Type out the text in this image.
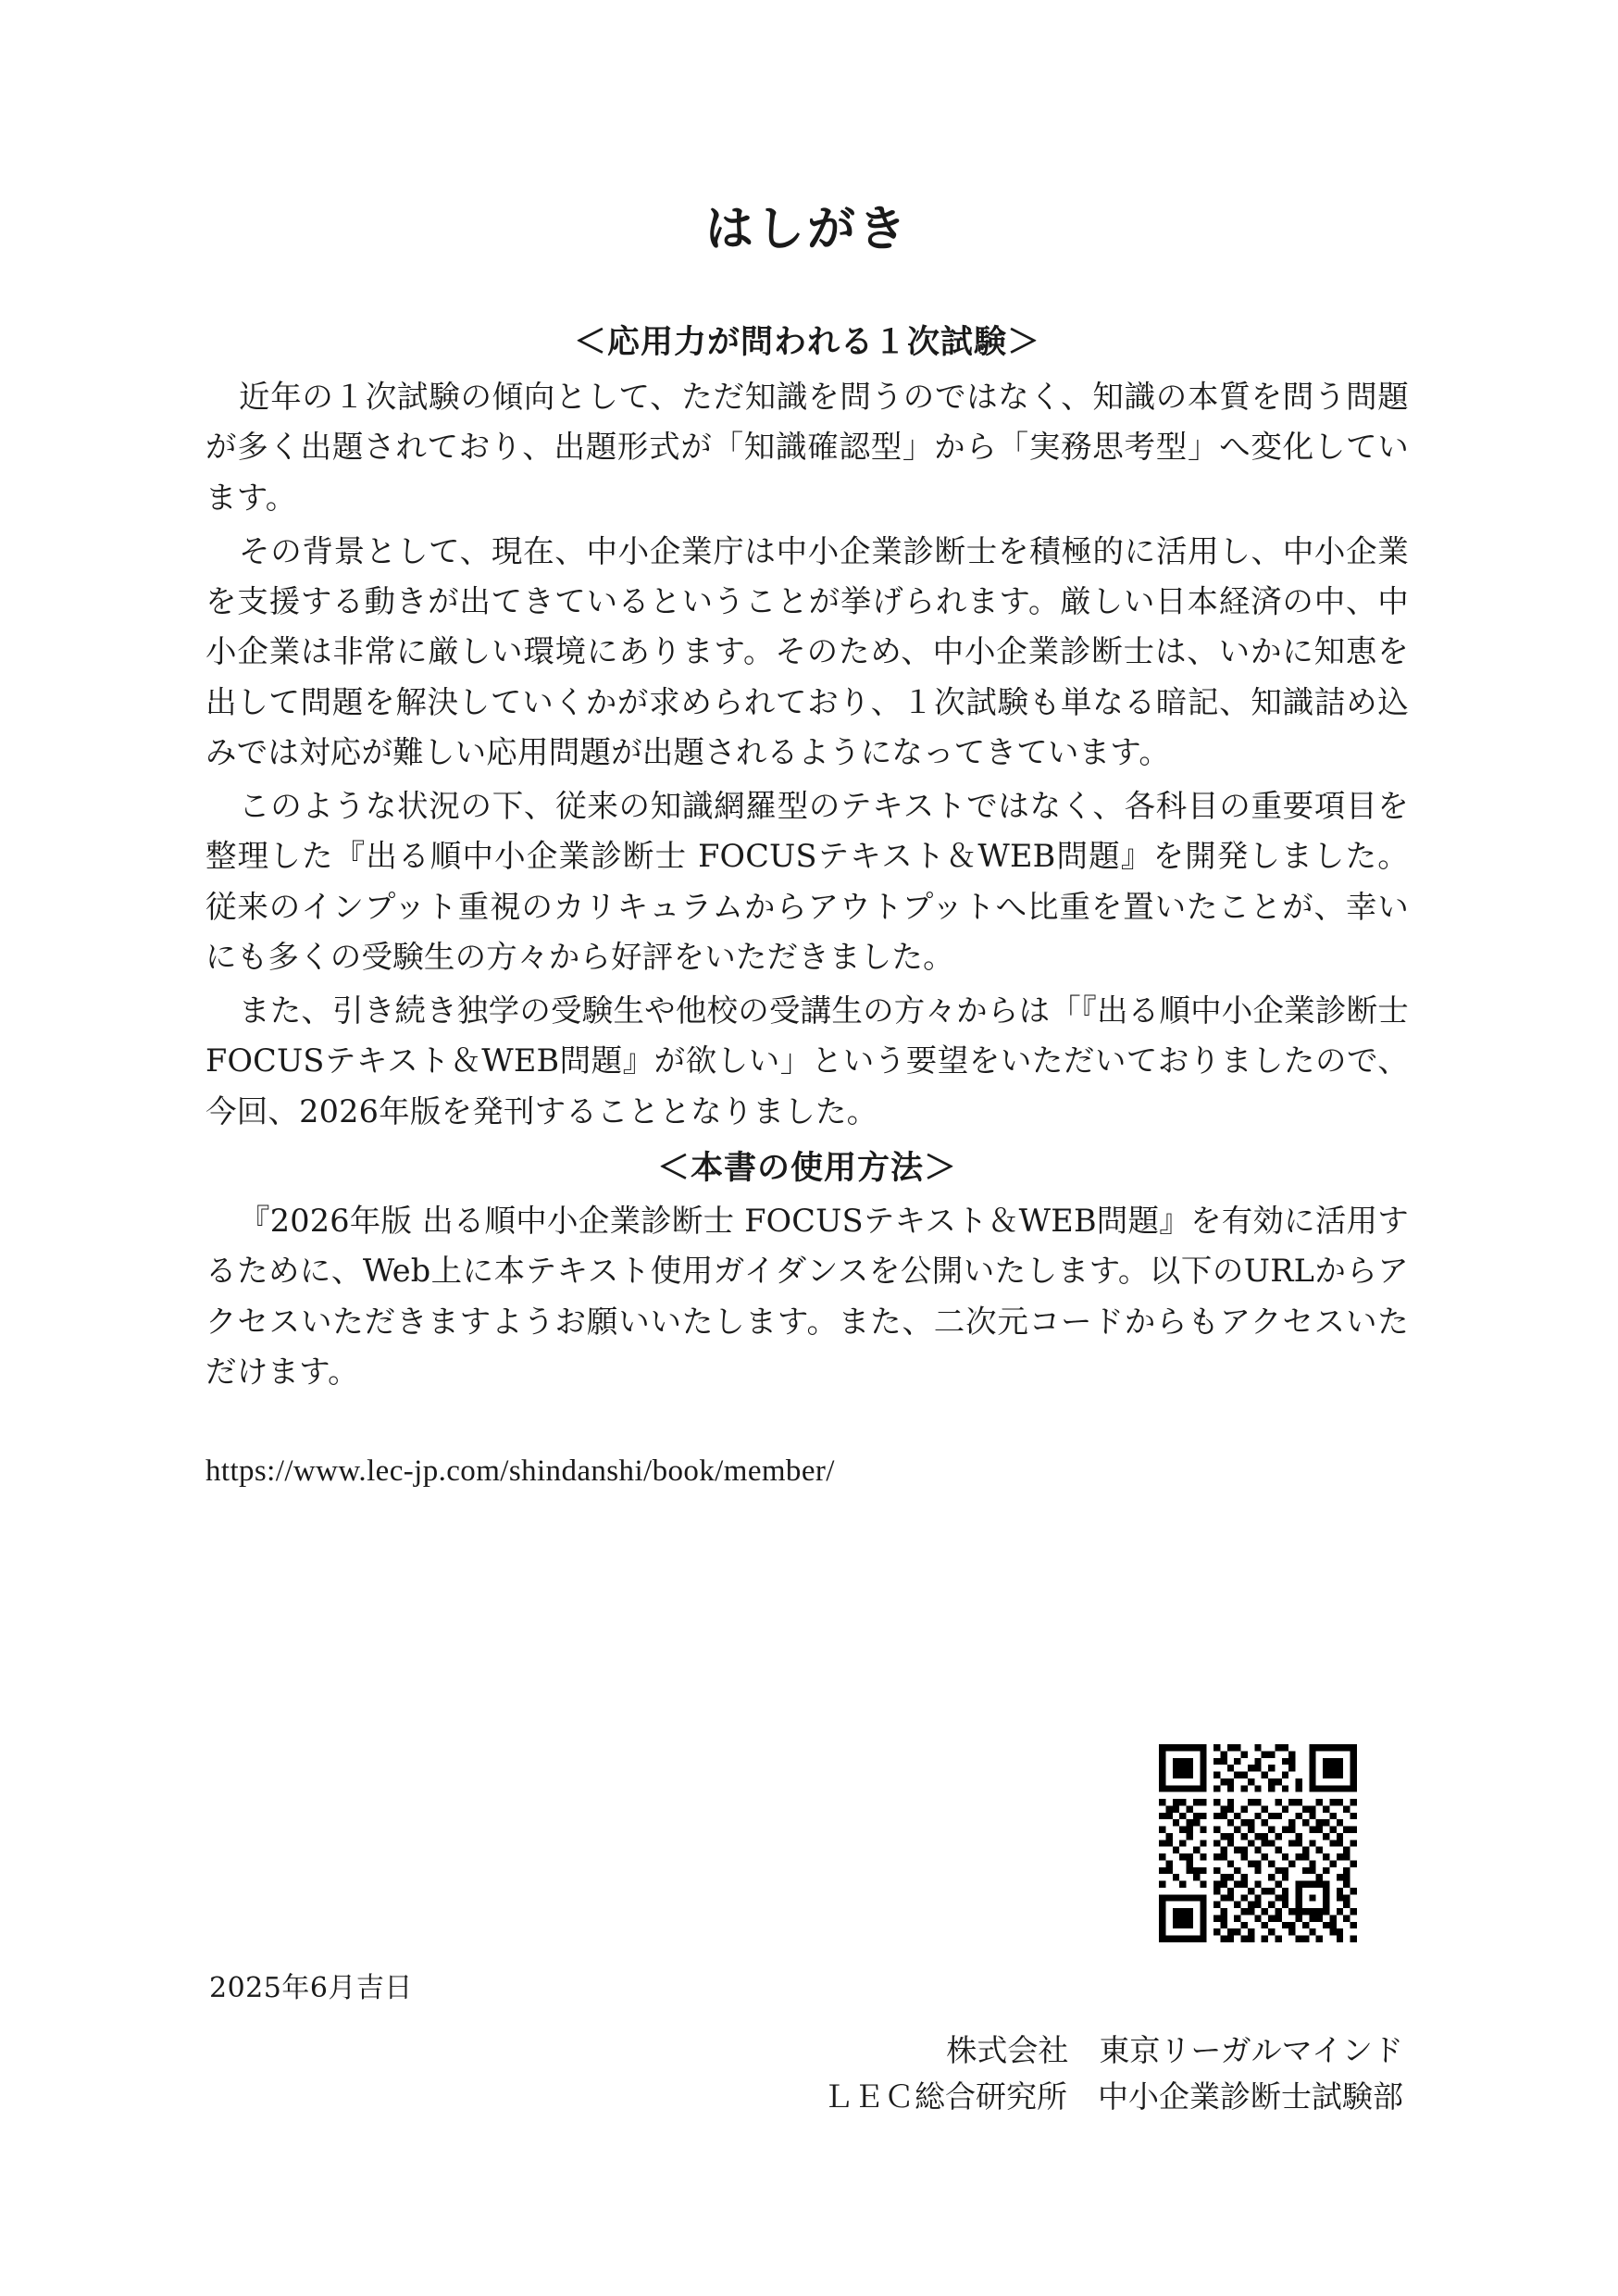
はしがき
＜応用力が問われる１次試験＞

近年の１次試験の傾向として、ただ知識を問うのではなく、知識の本質を問う問題が多く出題されており、出題形式が「知識確認型」から「実務思考型」へ変化しています。

その背景として、現在、中小企業庁は中小企業診断士を積極的に活用し、中小企業を支援する動きが出てきているということが挙げられます。厳しい日本経済の中、中小企業は非常に厳しい環境にあります。そのため、中小企業診断士は、いかに知恵を出して問題を解決していくかが求められており、１次試験も単なる暗記、知識詰め込みでは対応が難しい応用問題が出題されるようになってきています。

このような状況の下、従来の知識網羅型のテキストではなく、各科目の重要項目を整理した『出る順中小企業診断士 FOCUSテキスト＆WEB問題』を開発しました。従来のインプット重視のカリキュラムからアウトプットへ比重を置いたことが、幸いにも多くの受験生の方々から好評をいただきました。

また、引き続き独学の受験生や他校の受講生の方々からは「『出る順中小企業診断士 FOCUSテキスト＆WEB問題』が欲しい」という要望をいただいておりましたので、今回、2026年版を発刊することとなりました。

＜本書の使用方法＞

『2026年版 出る順中小企業診断士 FOCUSテキスト＆WEB問題』を有効に活用するために、Web上に本テキスト使用ガイダンスを公開いたします。以下のURLからアクセスいただきますようお願いいたします。また、二次元コードからもアクセスいただけます。

https://www.lec-jp.com/shindanshi/book/member/
2025年6月吉日
株式会社　東京リーガルマインド
ＬＥＣ総合研究所　中小企業診断士試験部
